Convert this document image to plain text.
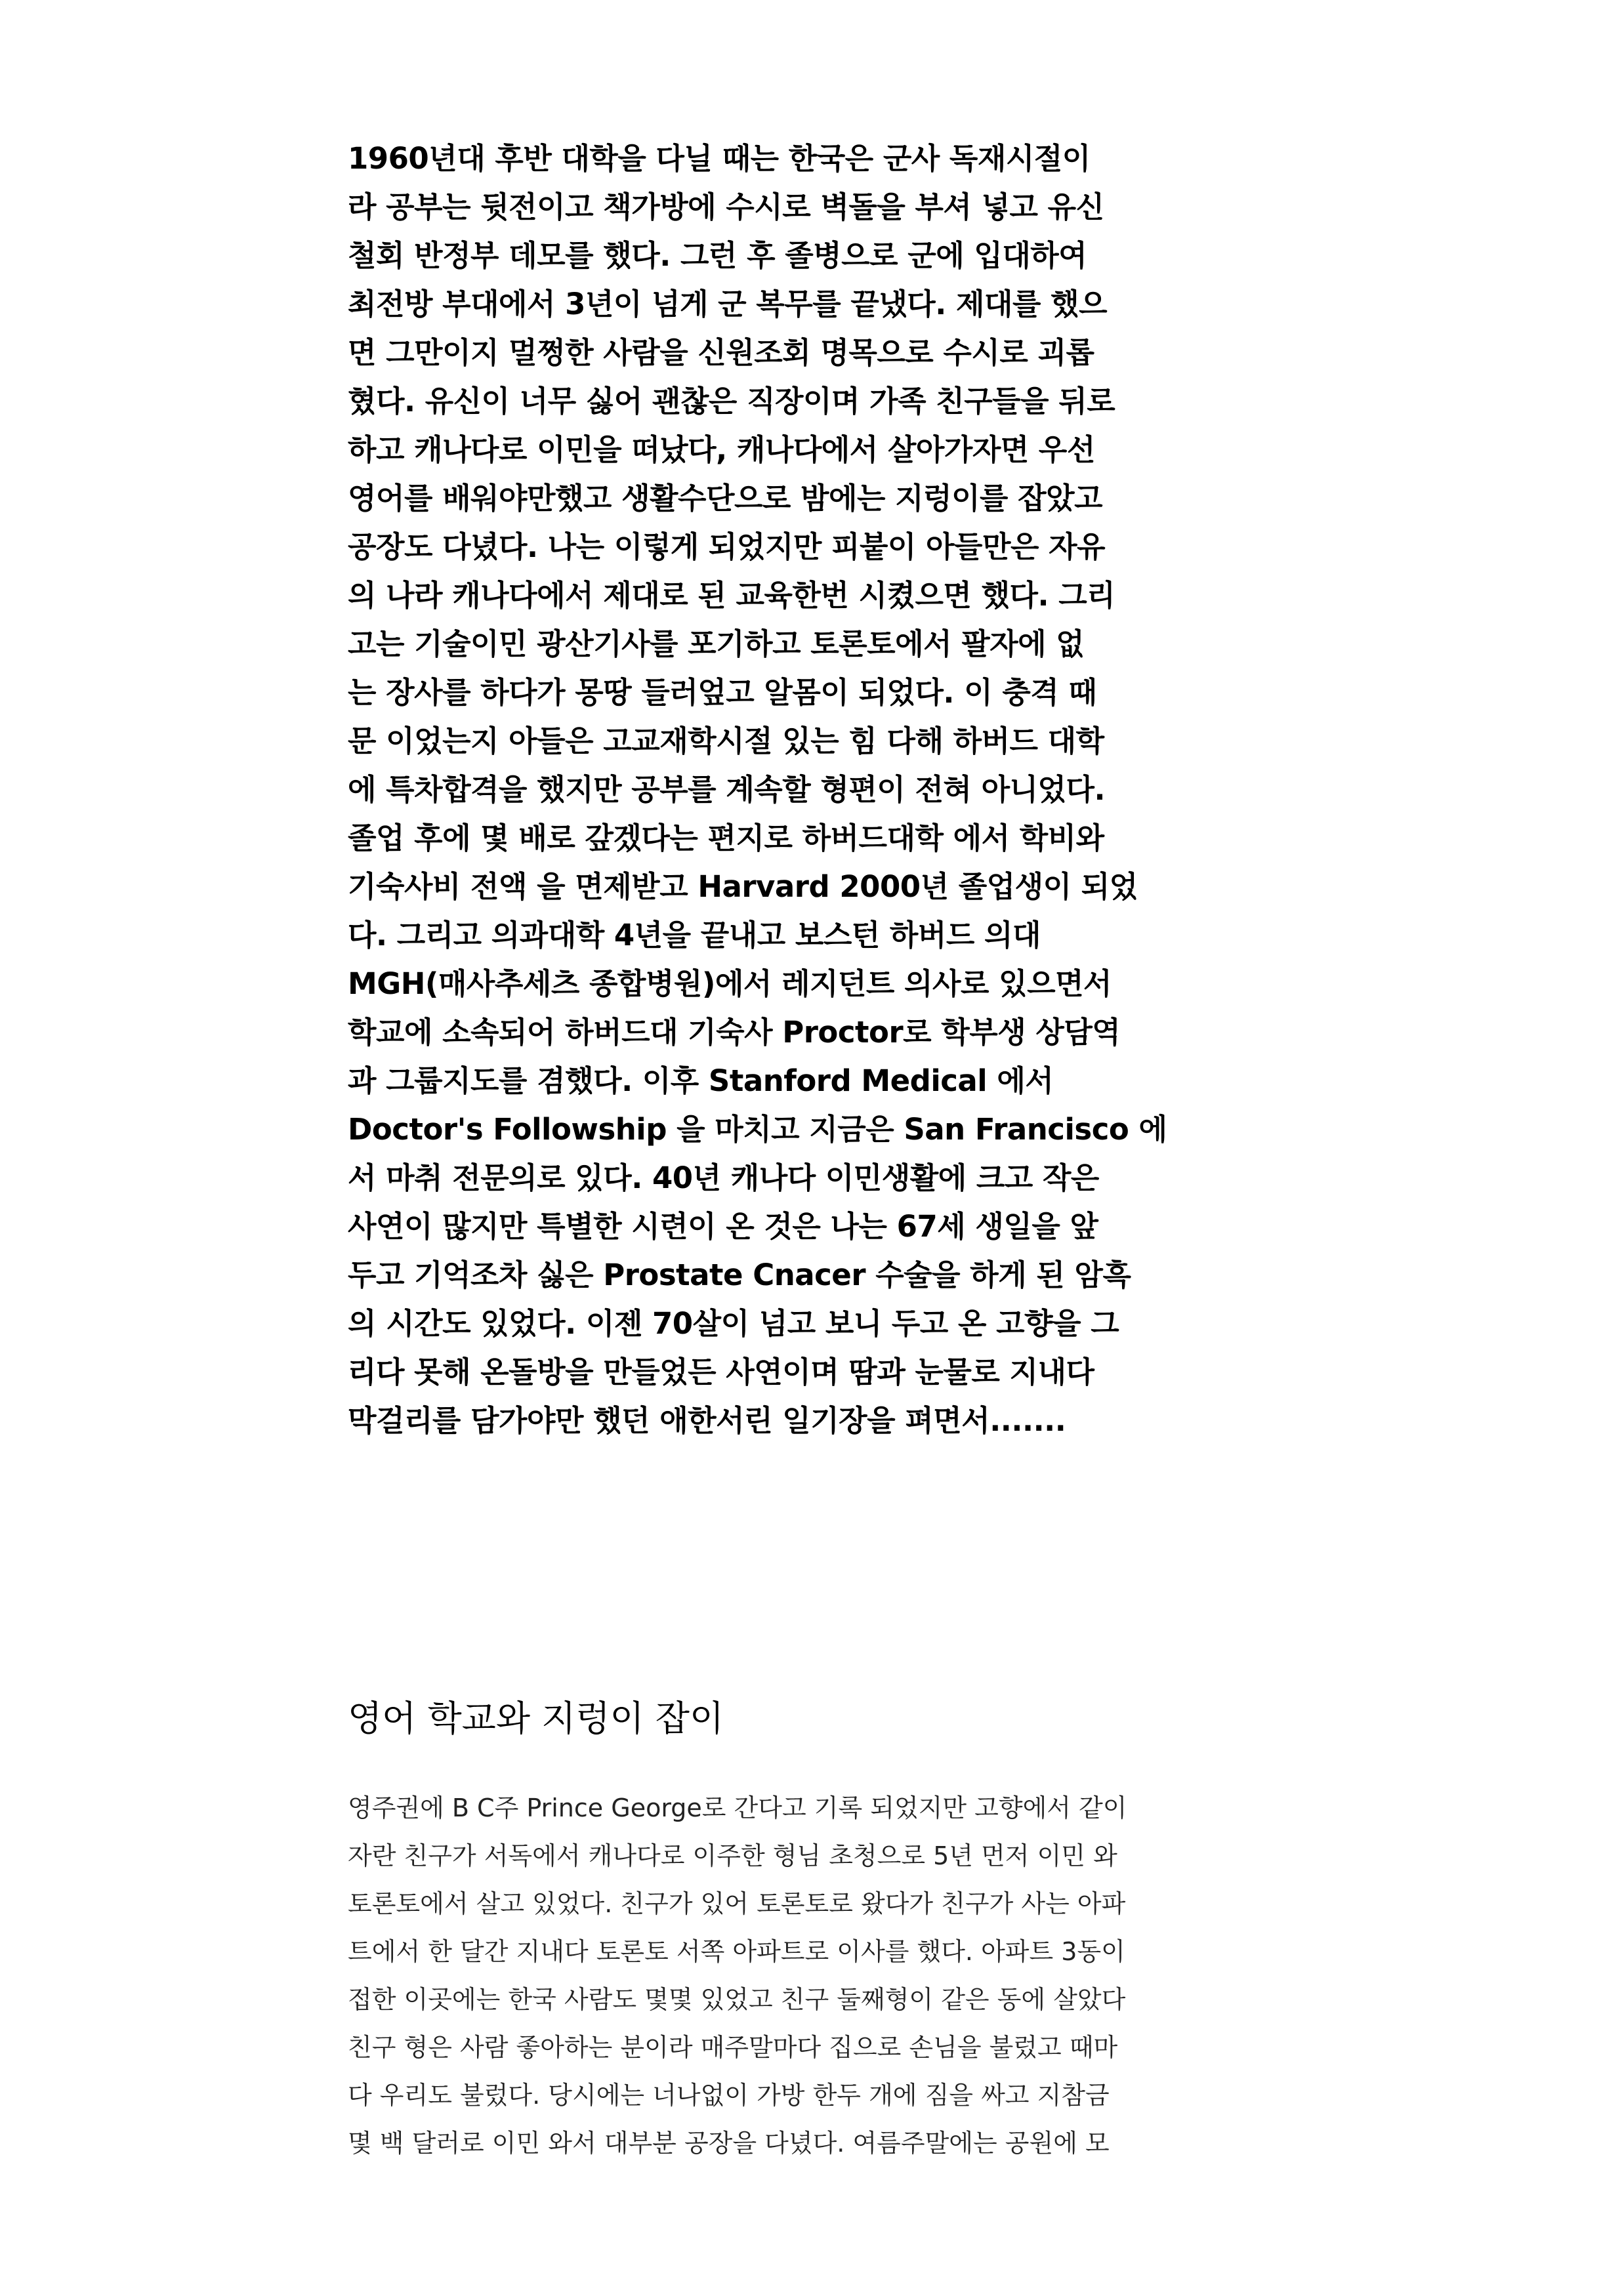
1960년대 후반 대학을 다닐 때는 한국은 군사 독재시절이
라 공부는 뒷전이고 책가방에 수시로 벽돌을 부셔 넣고 유신
철회 반정부 데모를 했다. 그런 후 졸병으로 군에 입대하여
최전방 부대에서 3년이 넘게 군 복무를 끝냈다. 제대를 했으
면 그만이지 멀쩡한 사람을 신원조회 명목으로 수시로 괴롭
혔다. 유신이 너무 싫어 괜찮은 직장이며 가족 친구들을 뒤로
하고 캐나다로 이민을 떠났다, 캐나다에서 살아가자면 우선
영어를 배워야만했고 생활수단으로 밤에는 지렁이를 잡았고
공장도 다녔다. 나는 이렇게 되었지만 피붙이 아들만은 자유
의 나라 캐나다에서 제대로 된 교육한번 시켰으면 했다. 그리
고는 기술이민 광산기사를 포기하고 토론토에서 팔자에 없
는 장사를 하다가 몽땅 들러엎고 알몸이 되었다. 이 충격 때
문 이었는지 아들은 고교재학시절 있는 힘 다해 하버드 대학
에 특차합격을 했지만 공부를 계속할 형편이 전혀 아니었다.
졸업 후에 몇 배로 갚겠다는 편지로 하버드대학 에서 학비와
기숙사비 전액 을 면제받고 Harvard 2000년 졸업생이 되었
다. 그리고 의과대학 4년을 끝내고 보스턴 하버드 의대
MGH(매사추세츠 종합병원)에서 레지던트 의사로 있으면서
학교에 소속되어 하버드대 기숙사 Proctor로 학부생 상담역
과 그룹지도를 겸했다. 이후 Stanford Medical 에서
Doctor's Followship 을 마치고 지금은 San Francisco 에
서 마취 전문의로 있다. 40년 캐나다 이민생활에 크고 작은
사연이 많지만 특별한 시련이 온 것은 나는 67세 생일을 앞
두고 기억조차 싫은 Prostate Cnacer 수술을 하게 된 암흑
의 시간도 있었다. 이젠 70살이 넘고 보니 두고 온 고향을 그
리다 못해 온돌방을 만들었든 사연이며 땀과 눈물로 지내다
막걸리를 담가야만 했던 애한서린 일기장을 펴면서.......
영어 학교와 지렁이 잡이
영주권에 B C주 Prince George로 간다고 기록 되었지만 고향에서 같이
자란 친구가 서독에서 캐나다로 이주한 형님 초청으로 5년 먼저 이민 와
토론토에서 살고 있었다. 친구가 있어 토론토로 왔다가 친구가 사는 아파
트에서 한 달간 지내다 토론토 서쪽 아파트로 이사를 했다. 아파트 3동이
접한 이곳에는 한국 사람도 몇몇 있었고 친구 둘째형이 같은 동에 살았다
친구 형은 사람 좋아하는 분이라 매주말마다 집으로 손님을 불렀고 때마
다 우리도 불렀다. 당시에는 너나없이 가방 한두 개에 짐을 싸고 지참금
몇 백 달러로 이민 와서 대부분 공장을 다녔다. 여름주말에는 공원에 모
